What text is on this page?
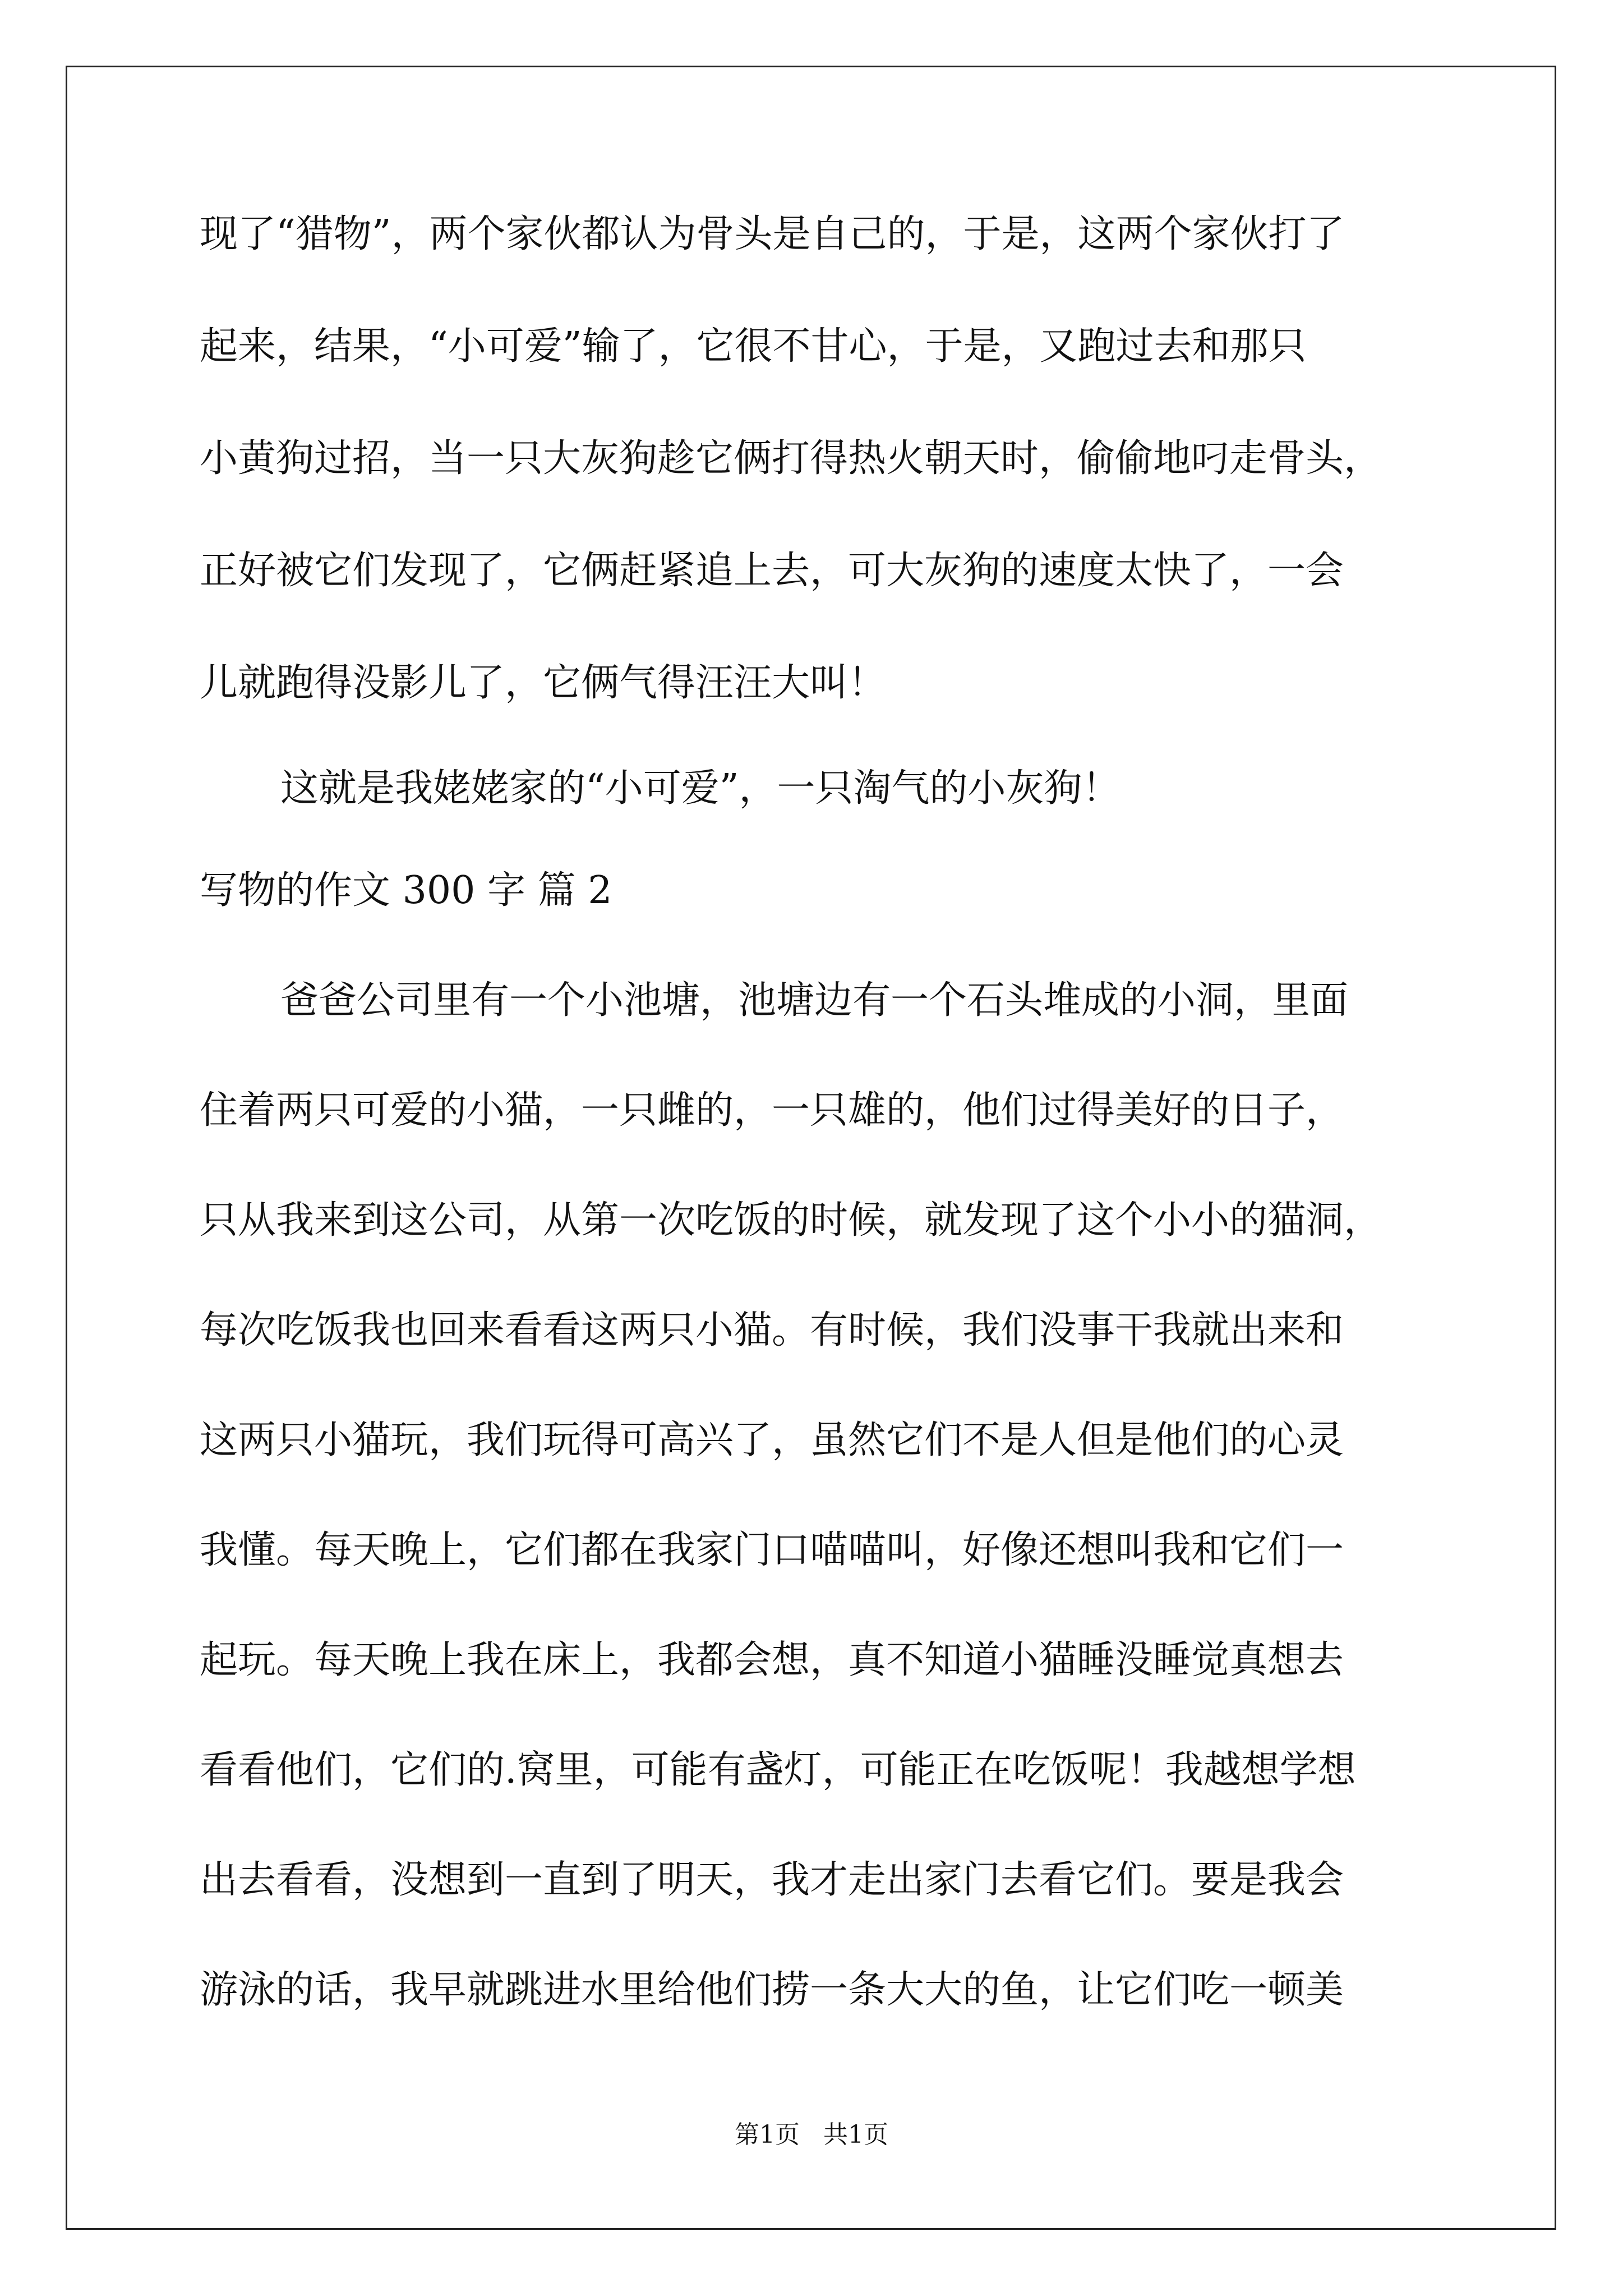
现了“猎物”，两个家伙都认为骨头是自己的，于是，这两个家伙打了
起来，结果，“小可爱”输了，它很不甘心，于是，又跑过去和那只
小黄狗过招，当一只大灰狗趁它俩打得热火朝天时，偷偷地叼走骨头，
正好被它们发现了，它俩赶紧追上去，可大灰狗的速度太快了，一会
儿就跑得没影儿了，它俩气得汪汪大叫！
这就是我姥姥家的“小可爱”，一只淘气的小灰狗！
写物的作文 300 字 篇 2
爸爸公司里有一个小池塘，池塘边有一个石头堆成的小洞，里面
住着两只可爱的小猫，一只雌的，一只雄的，他们过得美好的日子，
只从我来到这公司，从第一次吃饭的时候，就发现了这个小小的猫洞，
每次吃饭我也回来看看这两只小猫。有时候，我们没事干我就出来和
这两只小猫玩，我们玩得可高兴了，虽然它们不是人但是他们的心灵
我懂。每天晚上，它们都在我家门口喵喵叫，好像还想叫我和它们一
起玩。每天晚上我在床上，我都会想，真不知道小猫睡没睡觉真想去
看看他们，它们的.窝里，可能有盏灯，可能正在吃饭呢！我越想学想
出去看看，没想到一直到了明天，我才走出家门去看它们。要是我会
游泳的话，我早就跳进水里给他们捞一条大大的鱼，让它们吃一顿美
第1页   共1页
